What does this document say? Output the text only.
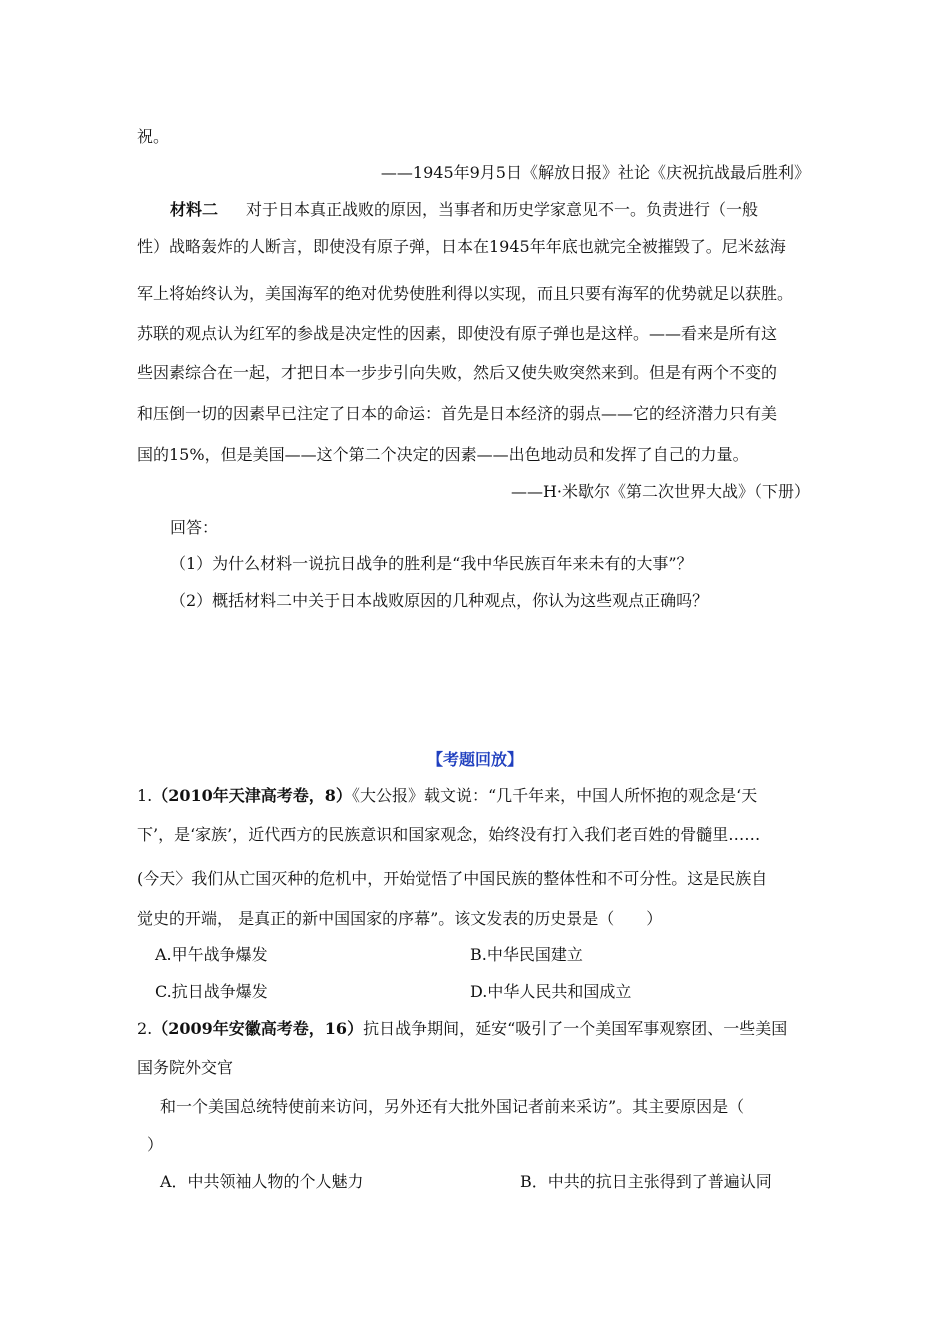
祝。
——1945年9月5日《解放日报》社论《庆祝抗战最后胜利》
材料二 对于日本真正战败的原因，当事者和历史学家意见不一。负责进行（一般
性）战略轰炸的人断言，即使没有原子弹，日本在1945年年底也就完全被摧毁了。尼米兹海
军上将始终认为，美国海军的绝对优势使胜利得以实现，而且只要有海军的优势就足以获胜。
苏联的观点认为红军的参战是决定性的因素，即使没有原子弹也是这样。——看来是所有这
些因素综合在一起，才把日本一步步引向失败，然后又使失败突然来到。但是有两个不变的
和压倒一切的因素早已注定了日本的命运：首先是日本经济的弱点——它的经济潜力只有美
国的15%，但是美国——这个第二个决定的因素——出色地动员和发挥了自己的力量。
——H·米歇尔《第二次世界大战》（下册）
回答：
（1）为什么材料一说抗日战争的胜利是“我中华民族百年来未有的大事”？
（2）概括材料二中关于日本战败原因的几种观点，你认为这些观点正确吗？
【考题回放】
1.（2010年天津高考卷，8）《大公报》载文说：“几千年来，中国人所怀抱的观念是‘天
下’，是‘家族’，近代西方的民族意识和国家观念，始终没有打入我们老百姓的骨髓里……
(今天〉我们从亡国灭种的危机中，开始觉悟了中国民族的整体性和不可分性。这是民族自
觉史的开端， 是真正的新中国国家的序幕”。该文发表的历史景是（　　）
A.甲午战争爆发	B.中华民国建立
C.抗日战争爆发	D.中华人民共和国成立
2.（2009年安徽高考卷，16）抗日战争期间，延安“吸引了一个美国军事观察团、一些美国
国务院外交官
和一个美国总统特使前来访问，另外还有大批外国记者前来采访”。其主要原因是（
）
A．中共领袖人物的个人魅力	B．中共的抗日主张得到了普遍认同
